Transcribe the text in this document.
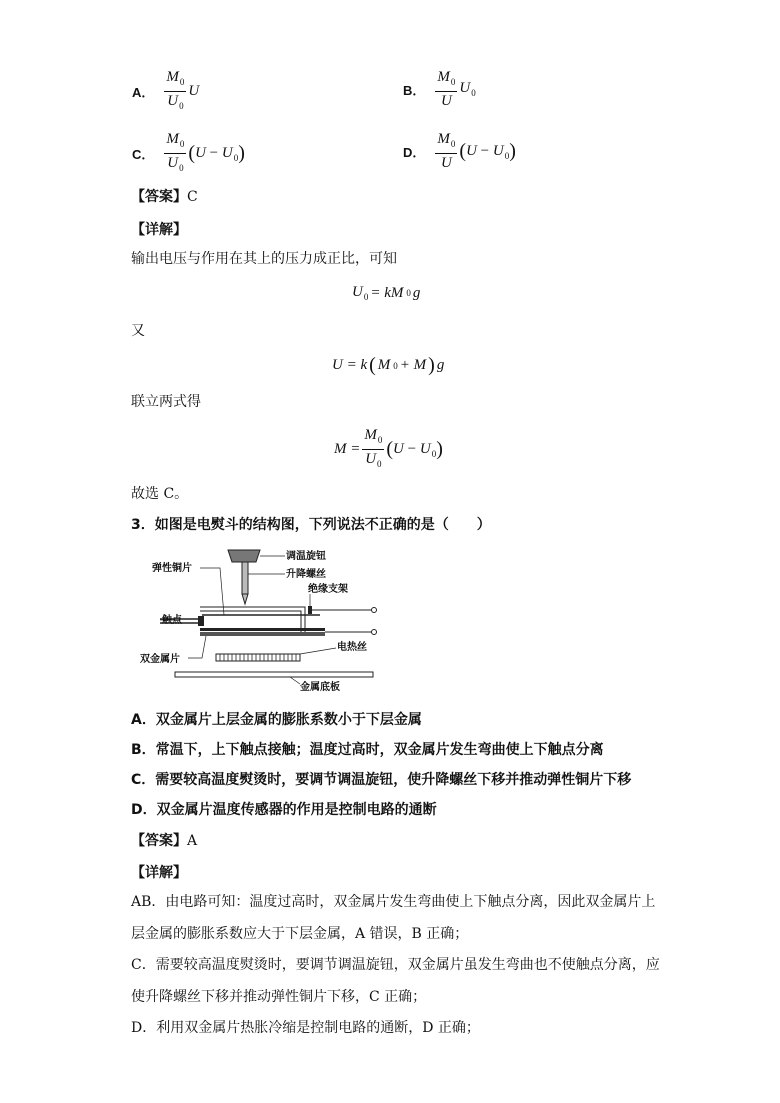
A． $\frac{M_0}{U_0}$ U	B． $\frac{M_0}{U} U_0$
C． $\frac{M_0}{U_0} (U - U_0)$	D． $\frac{M_0}{U} (U - U_0)$
【答案】C
【详解】
输出电压与作用在其上的压力成正比，可知
$U_0$ = kM 0 g
又
U = k ( M 0 + M ) g
联立两式得
$M = \frac{M_0}{U_0} (U - U_0)$
故选 C。
3．如图是电熨斗的结构图，下列说法不正确的是（　　）
调温旋钮
升降螺丝
弹性铜片
绝缘支架
触点
双金属片
电热丝
金属底板
A．双金属片上层金属的膨胀系数小于下层金属
B．常温下，上下触点接触；温度过高时，双金属片发生弯曲使上下触点分离
C．需要较高温度熨烫时，要调节调温旋钮，使升降螺丝下移并推动弹性铜片下移
D．双金属片温度传感器的作用是控制电路的通断
【答案】A
【详解】
AB．由电路可知：温度过高时，双金属片发生弯曲使上下触点分离，因此双金属片上
层金属的膨胀系数应大于下层金属，A 错误，B 正确；
C．需要较高温度熨烫时，要调节调温旋钮，双金属片虽发生弯曲也不使触点分离，应
使升降螺丝下移并推动弹性铜片下移，C 正确；
D．利用双金属片热胀冷缩是控制电路的通断，D 正确；
